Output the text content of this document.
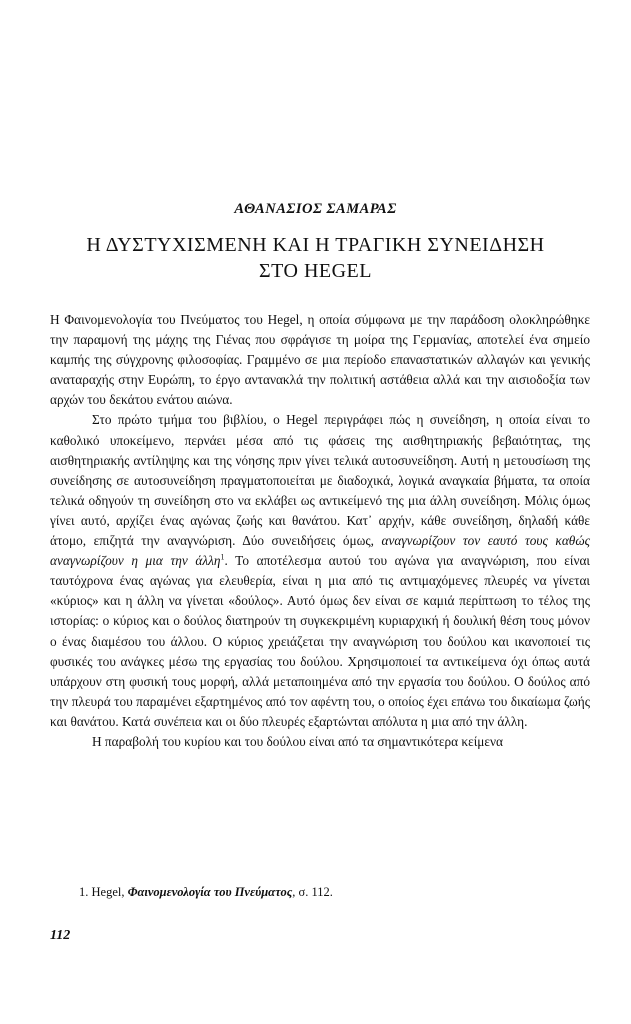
ΑΘΑΝΑΣΙΟΣ ΣΑΜΑΡΑΣ
Η ΔΥΣΤΥΧΙΣΜΕΝΗ ΚΑΙ Η ΤΡΑΓΙΚΗ ΣΥΝΕΙΔΗΣΗ
ΣΤΟ HEGEL

Η Φαινομενολογία του Πνεύματος του Hegel, η οποία σύμφωνα με την παράδοση ολοκληρώθηκε την παραμονή της μάχης της Γιένας που σφράγισε τη μοίρα της Γερμανίας, αποτελεί ένα σημείο καμπής της σύγχρονης φιλοσοφίας. Γραμμένο σε μια περίοδο επαναστατικών αλλαγών και γενικής αναταραχής στην Ευρώπη, το έργο αντανακλά την πολιτική αστάθεια αλλά και την αισιοδοξία των αρχών του δεκάτου ενάτου αιώνα.

Στο πρώτο τμήμα του βιβλίου, ο Hegel περιγράφει πώς η συνείδηση, η οποία είναι το καθολικό υποκείμενο, περνάει μέσα από τις φάσεις της αισθητηριακής βεβαιότητας, της αισθητηριακής αντίληψης και της νόησης πριν γίνει τελικά αυτοσυνείδηση. Αυτή η μετουσίωση της συνείδησης σε αυτοσυνείδηση πραγματοποιείται με διαδοχικά, λογικά αναγκαία βήματα, τα οποία τελικά οδηγούν τη συνείδηση στο να εκλάβει ως αντικείμενό της μια άλλη συνείδηση. Μόλις όμως γίνει αυτό, αρχίζει ένας αγώνας ζωής και θανάτου. Κατ᾽ αρχήν, κάθε συνείδηση, δηλαδή κάθε άτομο, επιζητά την αναγνώριση. Δύο συνειδήσεις όμως, αναγνωρίζουν τον εαυτό τους καθώς αναγνωρίζουν η μια την άλλη$^1$. Το αποτέλεσμα αυτού του αγώνα για αναγνώριση, που είναι ταυτόχρονα ένας αγώνας για ελευθερία, είναι η μια από τις αντιμαχόμενες πλευρές να γίνεται «κύριος» και η άλλη να γίνεται «δούλος». Αυτό όμως δεν είναι σε καμιά περίπτωση το τέλος της ιστορίας: ο κύριος και ο δούλος διατηρούν τη συγκεκριμένη κυριαρχική ή δουλική θέση τους μόνον ο ένας διαμέσου του άλλου. Ο κύριος χρειάζεται την αναγνώριση του δούλου και ικανοποιεί τις φυσικές του ανάγκες μέσω της εργασίας του δούλου. Χρησιμοποιεί τα αντικείμενα όχι όπως αυτά υπάρχουν στη φυσική τους μορφή, αλλά μεταποιημένα από την εργασία του δούλου. Ο δούλος από την πλευρά του παραμένει εξαρτημένος από τον αφέντη του, ο οποίος έχει επάνω του δικαίωμα ζωής και θανάτου. Κατά συνέπεια και οι δύο πλευρές εξαρτώνται απόλυτα η μια από την άλλη.

Η παραβολή του κυρίου και του δούλου είναι από τα σημαντικότερα κείμενα

1. Hegel, Φαινομενολογία του Πνεύματος, σ. 112.
112
